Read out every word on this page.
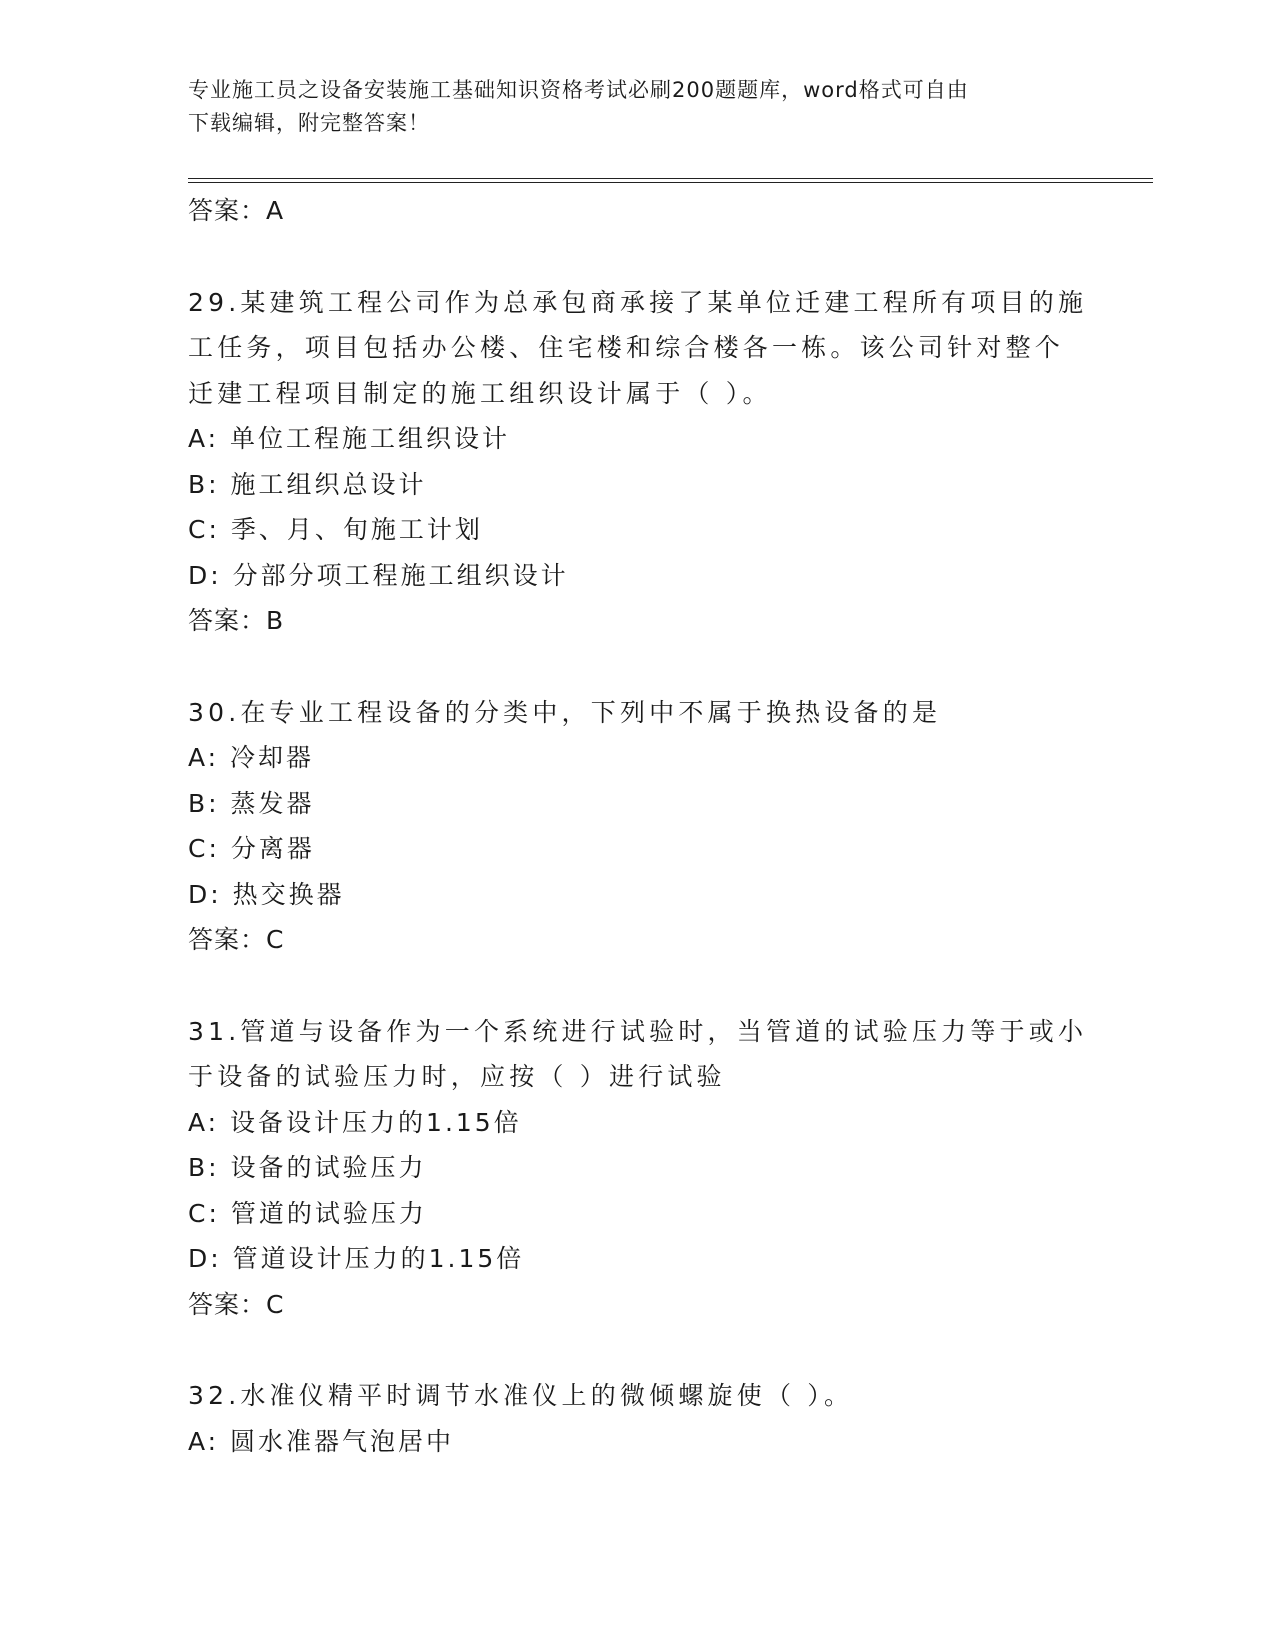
专业施工员之设备安装施工基础知识资格考试必刷200题题库，word格式可自由
下载编辑，附完整答案！
答案：A
29.某建筑工程公司作为总承包商承接了某单位迁建工程所有项目的施
工任务，项目包括办公楼、住宅楼和综合楼各一栋。该公司针对整个
迁建工程项目制定的施工组织设计属于（ ）。
A: 单位工程施工组织设计
B: 施工组织总设计
C: 季、月、旬施工计划
D: 分部分项工程施工组织设计
答案：B
30.在专业工程设备的分类中，下列中不属于换热设备的是
A: 冷却器
B: 蒸发器
C: 分离器
D: 热交换器
答案：C
31.管道与设备作为一个系统进行试验时，当管道的试验压力等于或小
于设备的试验压力时，应按（ ）进行试验
A: 设备设计压力的1.15倍
B: 设备的试验压力
C: 管道的试验压力
D: 管道设计压力的1.15倍
答案：C
32.水准仪精平时调节水准仪上的微倾螺旋使（ ）。
A: 圆水准器气泡居中
